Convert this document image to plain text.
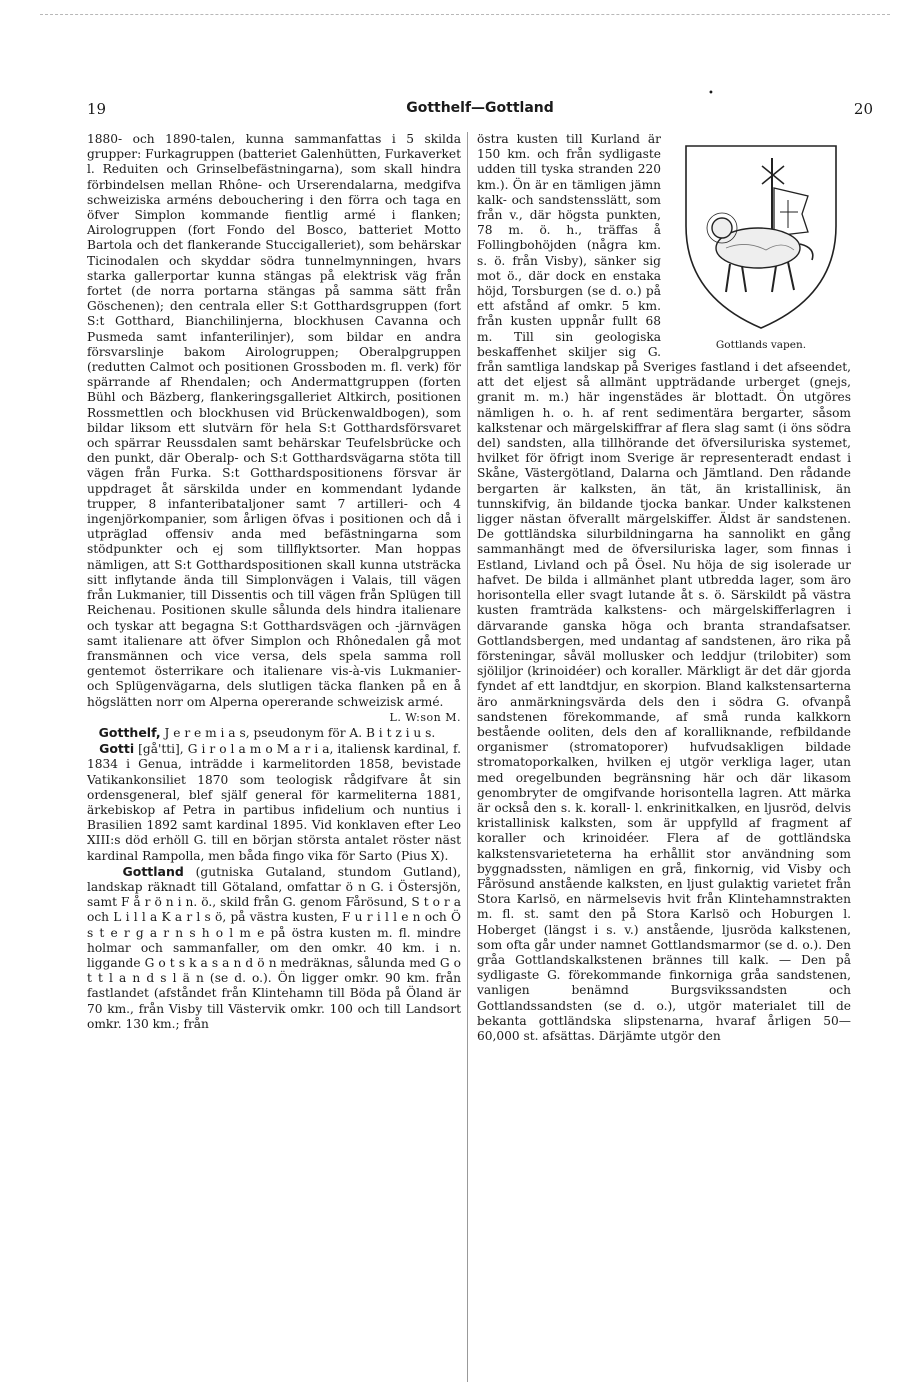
•
19	Gotthelf—Gottland	20

1880- och 1890-talen, kunna sammanfattas i 5 skilda grupper: Furkagruppen (batteriet Galenhütten, Furkaverket l. Reduiten och Grinselbefästningarna), som skall hindra förbindelsen mellan Rhône- och Urserendalarna, medgifva schweiziska arméns debouchering i den förra och taga en öfver Simplon kommande fientlig armé i flanken; Airologruppen (fort Fondo del Bosco, batteriet Motto Bartola och det flankerande Stuccigalleriet), som behärskar Ticinodalen och skyddar södra tunnelmynningen, hvars starka gallerportar kunna stängas på elektrisk väg från fortet (de norra portarna stängas på samma sätt från Göschenen); den centrala eller S:t Gotthardsgruppen (fort S:t Gotthard, Bianchilinjerna, blockhusen Cavanna och Pusmeda samt infanterilinjer), som bildar en andra försvarslinje bakom Airologruppen; Oberalpgruppen (redutten Calmot och positionen Grossboden m. fl. verk) för spärrande af Rhendalen; och Andermattgruppen (forten Bühl och Bäzberg, flankeringsgalleriet Altkirch, positionen Rossmettlen och blockhusen vid Brückenwaldbogen), som bildar liksom ett slutvärn för hela S:t Gotthardsförsvaret och spärrar Reussdalen samt behärskar Teufelsbrücke och den punkt, där Oberalp- och S:t Gotthardsvägarna stöta till vägen från Furka. S:t Gotthardspositionens försvar är uppdraget åt särskilda under en kommendant lydande trupper, 8 infanteribataljoner samt 7 artilleri- och 4 ingenjörkompanier, som årligen öfvas i positionen och då i utpräglad offensiv anda med befästningarna som stödpunkter och ej som tillflyktsorter. Man hoppas nämligen, att S:t Gotthardspositionen skall kunna utsträcka sitt inflytande ända till Simplonvägen i Valais, till vägen från Lukmanier, till Dissentis och till vägen från Splügen till Reichenau. Positionen skulle sålunda dels hindra italienare och tyskar att begagna S:t Gotthardsvägen och -järnvägen samt italienare att öfver Simplon och Rhônedalen gå mot fransmännen och vice versa, dels spela samma roll gentemot österrikare och italienare vis-à-vis Lukmanier- och Splügenvägarna, dels slutligen täcka flanken på en å högslätten norr om Alperna opererande schweizisk armé.

L. W:son M.

Gotthelf, J e r e m i a s, pseudonym för A. B i t z i u s.

Gotti [gå'tti], G i r o l a m o M a r i a, italiensk kardinal, f. 1834 i Genua, inträdde i karmelitorden 1858, bevistade Vatikankonsiliet 1870 som teologisk rådgifvare åt sin ordensgeneral, blef själf general för karmeliterna 1881, ärkebiskop af Petra in partibus infidelium och nuntius i Brasilien 1892 samt kardinal 1895. Vid konklaven efter Leo XIII:s död erhöll G. till en början största antalet röster näst kardinal Rampolla, men båda fingo vika för Sarto (Pius X).

Gottland (gutniska Gutaland, stundom Gutland), landskap räknadt till Götaland, omfattar ö n G. i Östersjön, samt F å r ö n i n. ö., skild från G. genom Fårösund, S t o r a och L i l l a K a r l s ö, på västra kusten, F u r i l l e n och Ö s t e r g a r n s h o l m e på östra kusten m. fl. mindre holmar och sammanfaller, om den omkr. 40 km. i n. liggande G o t s k a s a n d ö n medräknas, sålunda med G o t t l a n d s l ä n (se d. o.). Ön ligger omkr. 90 km. från fastlandet (afståndet från Klintehamn till Böda på Öland är 70 km., från Visby till Västervik omkr. 100 och till Landsort omkr. 130 km.; från

Gottlands vapen.

östra kusten till Kurland är 150 km. och från sydligaste udden till tyska stranden 220 km.). Ön är en tämligen jämn kalk- och sandstensslätt, som från v., där högsta punkten, 78 m. ö. h., träffas å Follingbohöjden (några km. s. ö. från Visby), sänker sig mot ö., där dock en enstaka höjd, Torsburgen (se d. o.) på ett afstånd af omkr. 5 km. från kusten uppnår fullt 68 m. Till sin geologiska beskaffenhet skiljer sig G. från samtliga landskap på Sveriges fastland i det afseendet, att det eljest så allmänt uppträdande urberget (gnejs, granit m. m.) här ingenstädes är blottadt. Ön utgöres nämligen h. o. h. af rent sedimentära bergarter, såsom kalkstenar och märgelskiffrar af flera slag samt (i öns södra del) sandsten, alla tillhörande det öfversiluriska systemet, hvilket för öfrigt inom Sverige är representeradt endast i Skåne, Västergötland, Dalarna och Jämtland. Den rådande bergarten är kalksten, än tät, än kristallinisk, än tunnskifvig, än bildande tjocka bankar. Under kalkstenen ligger nästan öfverallt märgelskiffer. Äldst är sandstenen. De gottländska silurbildningarna ha sannolikt en gång sammanhängt med de öfversiluriska lager, som finnas i Estland, Livland och på Ösel. Nu höja de sig isolerade ur hafvet. De bilda i allmänhet plant utbredda lager, som äro horisontella eller svagt lutande åt s. ö. Särskildt på västra kusten framträda kalkstens- och märgelskifferlagren i därvarande ganska höga och branta strandafsatser. Gottlandsbergen, med undantag af sandstenen, äro rika på försteningar, såväl mollusker och leddjur (trilobiter) som sjöliljor (krinoidéer) och koraller. Märkligt är det där gjorda fyndet af ett landtdjur, en skorpion. Bland kalkstensarterna äro anmärkningsvärda dels den i södra G. ofvanpå sandstenen förekommande, af små runda kalkkorn bestående ooliten, dels den af koralliknande, refbildande organismer (stromatoporer) hufvudsakligen bildade stromatoporkalken, hvilken ej utgör verkliga lager, utan med oregelbunden begränsning här och där likasom genombryter de omgifvande horisontella lagren. Att märka är också den s. k. korall- l. enkrinitkalken, en ljusröd, delvis kristallinisk kalksten, som är uppfylld af fragment af koraller och krinoidéer. Flera af de gottländska kalkstensvarieteterna ha erhållit stor användning som byggnadssten, nämligen en grå, finkornig, vid Visby och Fårösund anstående kalksten, en ljust gulaktig varietet från Stora Karlsö, en närmelsevis hvit från Klintehamnstrakten m. fl. st. samt den på Stora Karlsö och Hoburgen l. Hoberget (längst i s. v.) anstående, ljusröda kalkstenen, som ofta går under namnet Gottlandsmarmor (se d. o.). Den gråa Gottlandskalkstenen brännes till kalk. — Den på sydligaste G. förekommande finkorniga gråa sandstenen, vanligen benämnd Burgsvikssandsten och Gottlandssandsten (se d. o.), utgör materialet till de bekanta gottländska slipstenarna, hvaraf årligen 50—60,000 st. afsättas. Därjämte utgör den
